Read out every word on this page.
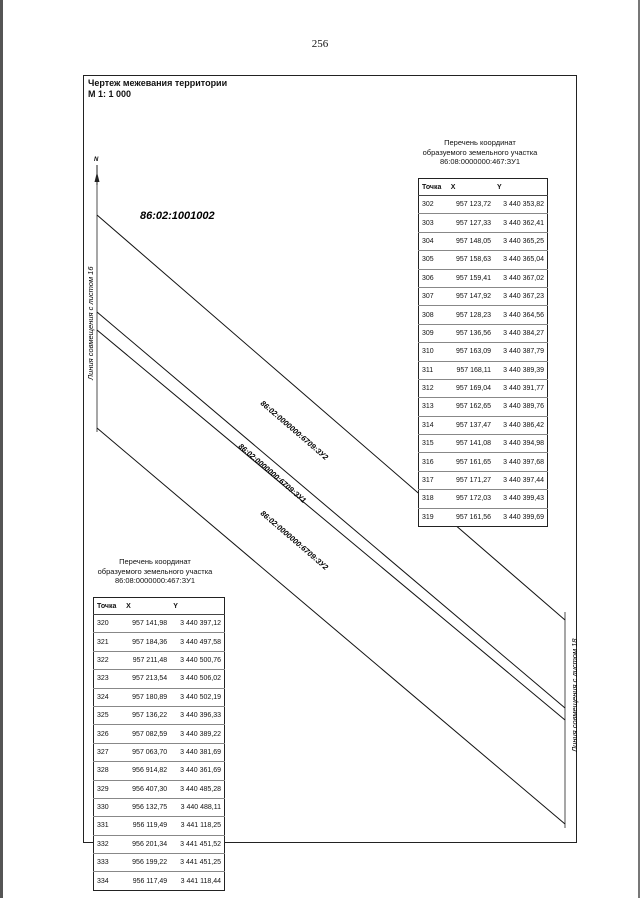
256
Чертеж межевания территории
М 1: 1 000
86:02:1001002
N
86:02:0000000:6709:ЗУ2
86:02:0000000:6709:ЗУ1
86:02:0000000:6709:ЗУ2
Линия совмещения с листом 16
Линия совмещения с листом 18
Перечень координат
образуемого земельного участка
86:08:0000000:467:ЗУ1
Точка	X	Y
302	957 123,72	3 440 353,82
303	957 127,33	3 440 362,41
304	957 148,05	3 440 365,25
305	957 158,63	3 440 365,04
306	957 159,41	3 440 367,02
307	957 147,92	3 440 367,23
308	957 128,23	3 440 364,56
309	957 136,56	3 440 384,27
310	957 163,09	3 440 387,79
311	957 168,11	3 440 389,39
312	957 169,04	3 440 391,77
313	957 162,65	3 440 389,76
314	957 137,47	3 440 386,42
315	957 141,08	3 440 394,98
316	957 161,65	3 440 397,68
317	957 171,27	3 440 397,44
318	957 172,03	3 440 399,43
319	957 161,56	3 440 399,69
Перечень координат
образуемого земельного участка
86:08:0000000:467:ЗУ1
Точка	X	Y
320	957 141,98	3 440 397,12
321	957 184,36	3 440 497,58
322	957 211,48	3 440 500,76
323	957 213,54	3 440 506,02
324	957 180,89	3 440 502,19
325	957 136,22	3 440 396,33
326	957 082,59	3 440 389,22
327	957 063,70	3 440 381,69
328	956 914,82	3 440 361,69
329	956 407,30	3 440 485,28
330	956 132,75	3 440 488,11
331	956 119,49	3 441 118,25
332	956 201,34	3 441 451,52
333	956 199,22	3 441 451,25
334	956 117,49	3 441 118,44
